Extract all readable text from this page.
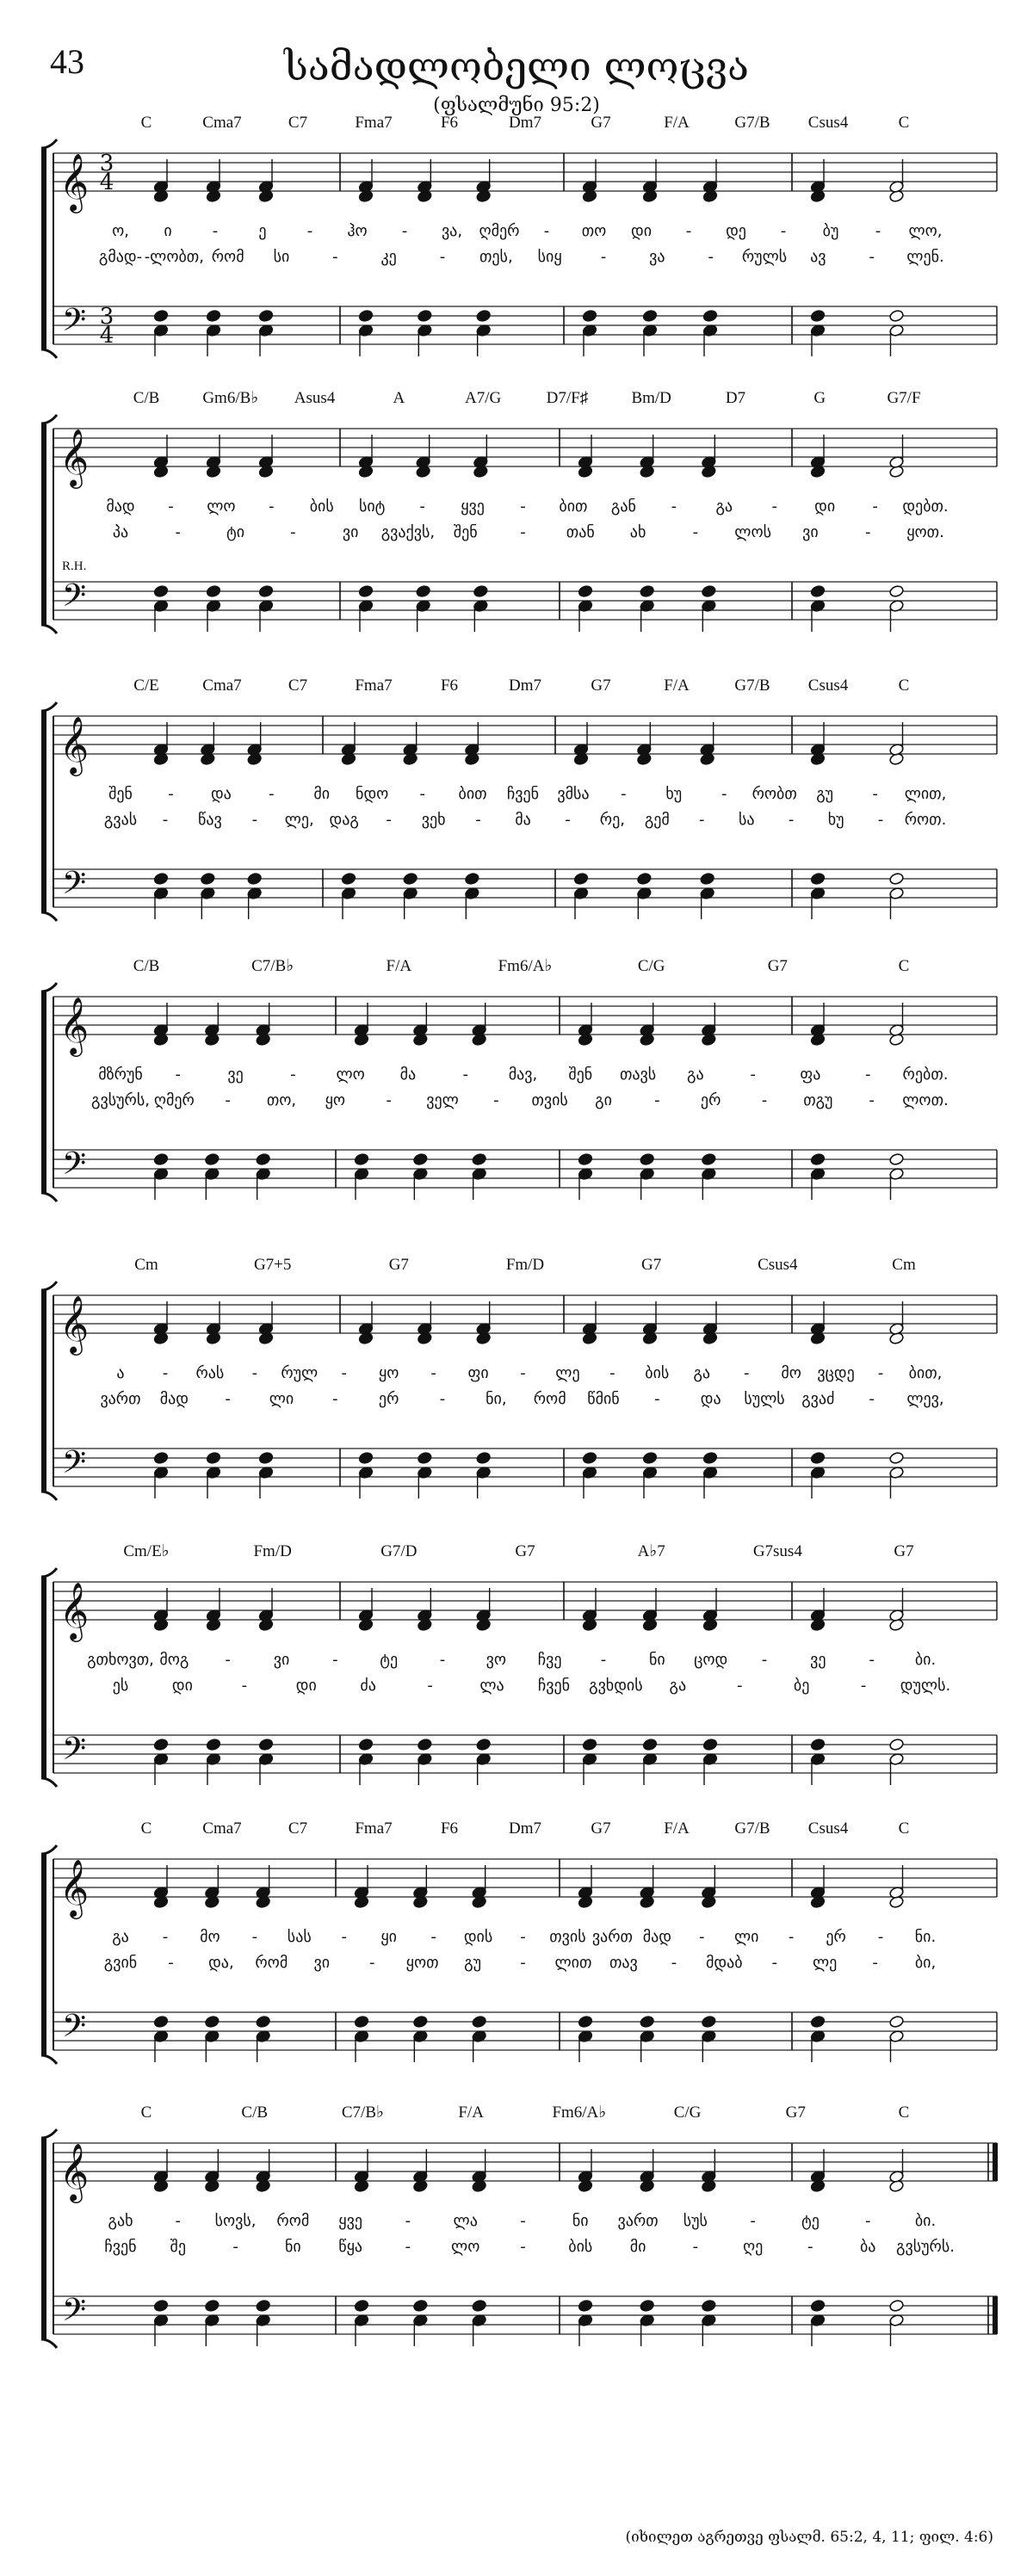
43	სამადლობელი ლოცვა
(ფსალმუნი 95:2)
𝄞
𝄢
3
4
3
4
C	Cma7	C7	Fma7	F6	Dm7	G7	F/A	G7/B Csus4	C
ო, ი	-	ე	- ჰო - ვა, ღმერ - თო დი - დე - ბუ - ლო,
გმად- -ლობთ, რომ სი	-	კე	- თეს, სიყ	-	ვა	- რულს ავ	- ლენ.
𝄞
𝄢
R.H.
C/B	Gm6/B♭ Asus4	A	A7/G	D7/F♯	Bm/D	D7	G	G7/F
მად - ლო - ბის სიტ - ყვე - ბით გან -	გა	- დი - დებთ.
პა	-	ტი	-	ვი გვაქვს, შენ	-	თან ახ	- ლოს ვი	- ყოთ.
𝄞
𝄢
C/E	Cma7	C7	Fma7	F6	Dm7	G7	F/A	G7/B Csus4	C
შენ - და -	მი ნდო - ბით ჩვენ ვმსა -	ხუ	- რობთ გუ	- ლით,
გვას - წავ - ლე, დაგ - ვეხ - მა - რე, გემ - სა - ხუ - როთ.
𝄞
𝄢
C/B	C7/B♭	F/A	Fm6/A♭	C/G	G7	C
მზრუნ -	ვე	-	ლო მა	-	მავ, შენ თავს გა	-	ფა	- რებთ.
გვსურს, ღმერ - თო, ყო	- ველ - თვის გი	-	ერ	- თგუ - ლოთ.
𝄞
𝄢
Cm	G7+5	G7	Fm/D	G7	Csus4	Cm
ა - რას - რულ - ყო - ფი - ლე - ბის გა - მო ვცდე - ბით,
ვართ მად - ლი -	ერ	-	ნი, რომ წმინ -	და სულს გვაძ - ლევ,
𝄞
𝄢
Cm/E♭	Fm/D	G7/D	G7	A♭7	G7sus4	G7
გთხოვთ, მოგ -	ვი	-	ტე	-	ვო ჩვე	-	ნი ცოდ -	ვე	-	ბი.
ეს	დი	-	დი	ძა	-	ლა ჩვენ გვხდის გა	-	ბე	- დულს.
𝄞
𝄢
C	Cma7	C7	Fma7	F6	Dm7	G7	F/A	G7/B Csus4	C
გა - მო - სას - ყი - დის - თვის ვართ მად - ლი - ერ - ნი.
გვინ - და, რომ ვი	- ყოთ გუ	- ლით თავ - მდაბ - ლე - ბი,
𝄞
𝄢
C	C/B	C7/B♭	F/A	Fm6/A♭	C/G	G7	C
გახ	- სოვს, რომ ყვე	-	ლა	-	ნი ვართ სუს	-	ტე	-	ბი.
ჩვენ შე	-	ნი წყა	-	ლო	-	ბის მი	-	ღე	-	ბა გვსურს.
(იხილეთ აგრეთვე ფსალმ. 65:2, 4, 11; ფილ. 4:6)
